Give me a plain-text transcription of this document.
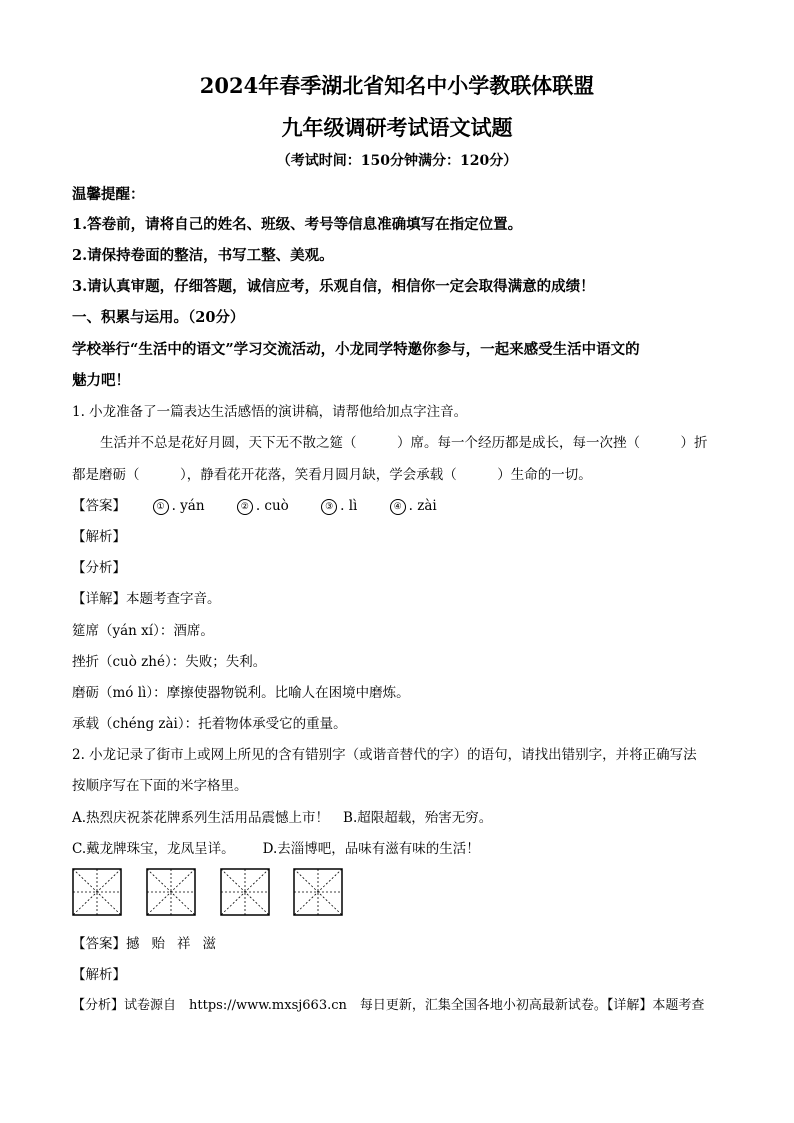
2024年春季湖北省知名中小学教联体联盟
九年级调研考试语文试题
（考试时间：150分钟满分：120分）
温馨提醒：
1.答卷前，请将自己的姓名、班级、考号等信息准确填写在指定位置。
2.请保持卷面的整洁，书写工整、美观。
3.请认真审题，仔细答题，诚信应考，乐观自信，相信你一定会取得满意的成绩！
一、积累与运用。（20分）
学校举行“生活中的语文”学习交流活动，小龙同学特邀你参与，一起来感受生活中语文的
魅力吧！
1. 小龙准备了一篇表达生活感悟的演讲稿，请帮他给加点字注音。
生活并不总是花好月圆，天下无不散之筵（　　　）席。每一个经历都是成长，每一次挫（　　　）折
都是磨砺（　　　），静看花开花落，笑看月圆月缺，学会承载（　　　）生命的一切。
【答案】	① . yán	② . cuò	③ . lì	④ . zài
【解析】
【分析】
【详解】本题考查字音。
筵席（yán xí）：酒席。
挫折（cuò zhé）：失败；失利。
磨砺（mó lì）：摩擦使器物锐利。比喻人在困境中磨炼。
承载（chéng zài）：托着物体承受它的重量。
2. 小龙记录了街市上或网上所见的含有错别字（或谐音替代的字）的语句，请找出错别字，并将正确写法
按顺序写在下面的米字格里。
A.热烈庆祝茶花牌系列生活用品震憾上市！ B.超限超载，殆害无穷。
C.戴龙牌珠宝，龙凤呈详。 D.去淄博吧，品味有滋有味的生活！
【答案】撼 贻 祥 滋
【解析】
【分析】试卷源自　https://www.mxsj663.cn　每日更新，汇集全国各地小初高最新试卷。【详解】本题考查
